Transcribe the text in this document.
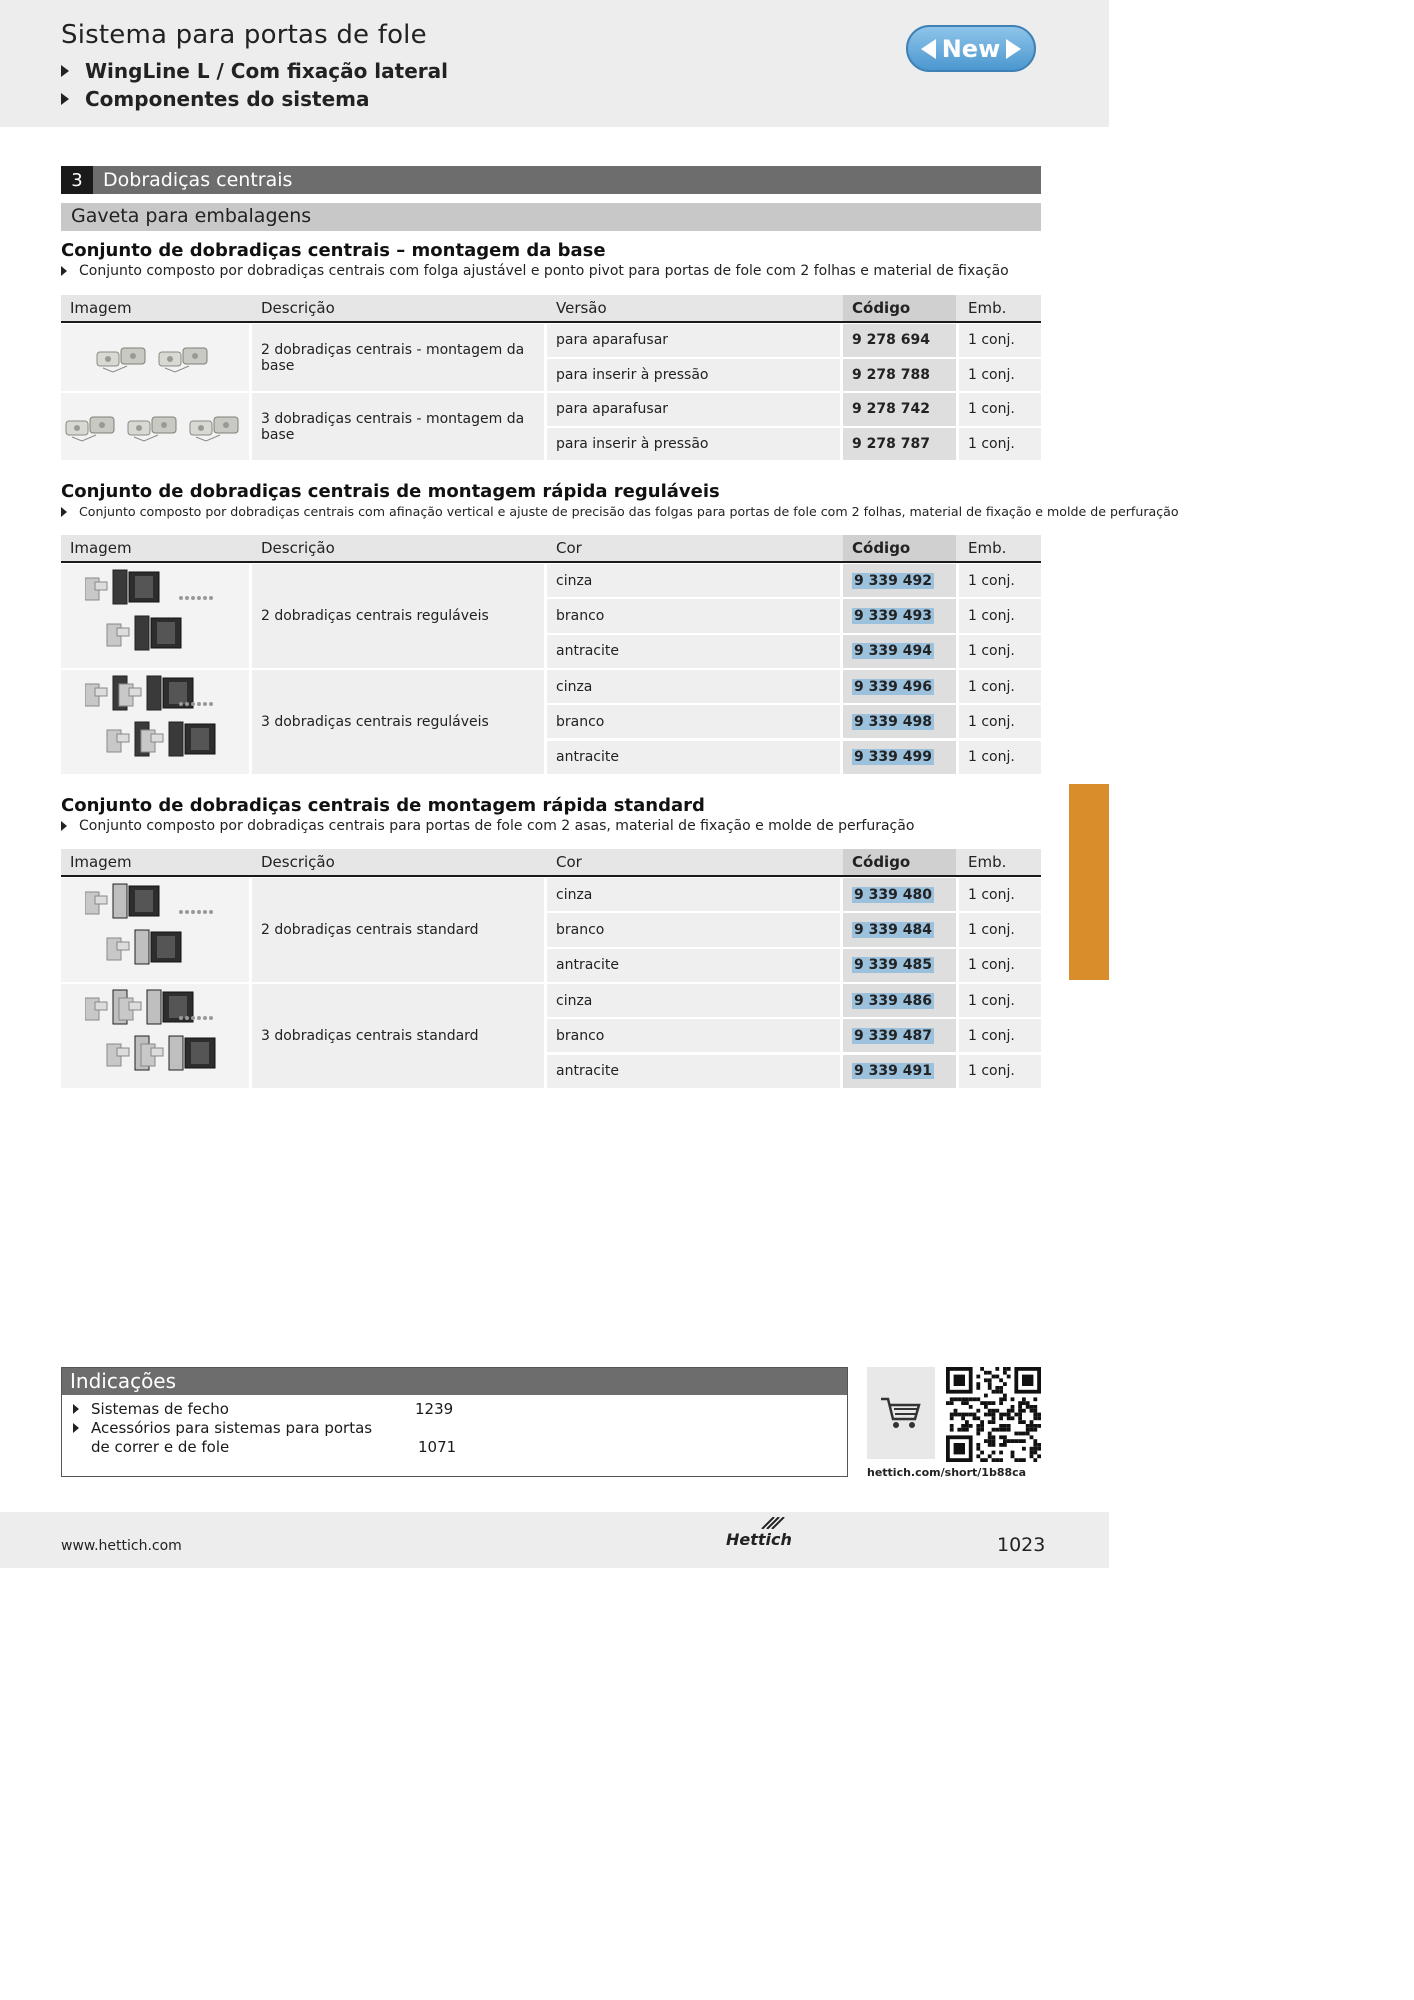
Sistema para portas de fole
WingLine L / Com fixação lateral
Componentes do sistema
New
3	Dobradiças centrais
Gaveta para embalagens
Conjunto de dobradiças centrais – montagem da base
Conjunto composto por dobradiças centrais com folga ajustável e ponto pivot para portas de fole com 2 folhas e material de fixação
Imagem	Descrição	Versão	Código	Emb.
2 dobradiças centrais - montagem da base
para aparafusar	9 278 694	1 conj.
para inserir à pressão	9 278 788	1 conj.
3 dobradiças centrais - montagem da base
para aparafusar	9 278 742	1 conj.
para inserir à pressão	9 278 787	1 conj.
Conjunto de dobradiças centrais de montagem rápida reguláveis
Conjunto composto por dobradiças centrais com afinação vertical e ajuste de precisão das folgas para portas de fole com 2 folhas, material de fixação e molde de perfuração
Imagem	Descrição	Cor	Código	Emb.
2 dobradiças centrais reguláveis
cinza	9 339 492	1 conj.
branco	9 339 493	1 conj.
antracite	9 339 494	1 conj.
3 dobradiças centrais reguláveis
cinza	9 339 496	1 conj.
branco	9 339 498	1 conj.
antracite	9 339 499	1 conj.
Conjunto de dobradiças centrais de montagem rápida standard
Conjunto composto por dobradiças centrais para portas de fole com 2 asas, material de fixação e molde de perfuração
Imagem	Descrição	Cor	Código	Emb.
2 dobradiças centrais standard
cinza	9 339 480	1 conj.
branco	9 339 484	1 conj.
antracite	9 339 485	1 conj.
3 dobradiças centrais standard
cinza	9 339 486	1 conj.
branco	9 339 487	1 conj.
antracite	9 339 491	1 conj.
Indicações
Sistemas de fecho	1239
Acessórios para sistemas para portas
de correr e de fole	1071
hettich.com/short/1b88ca
www.hettich.com	Hettich	1023
